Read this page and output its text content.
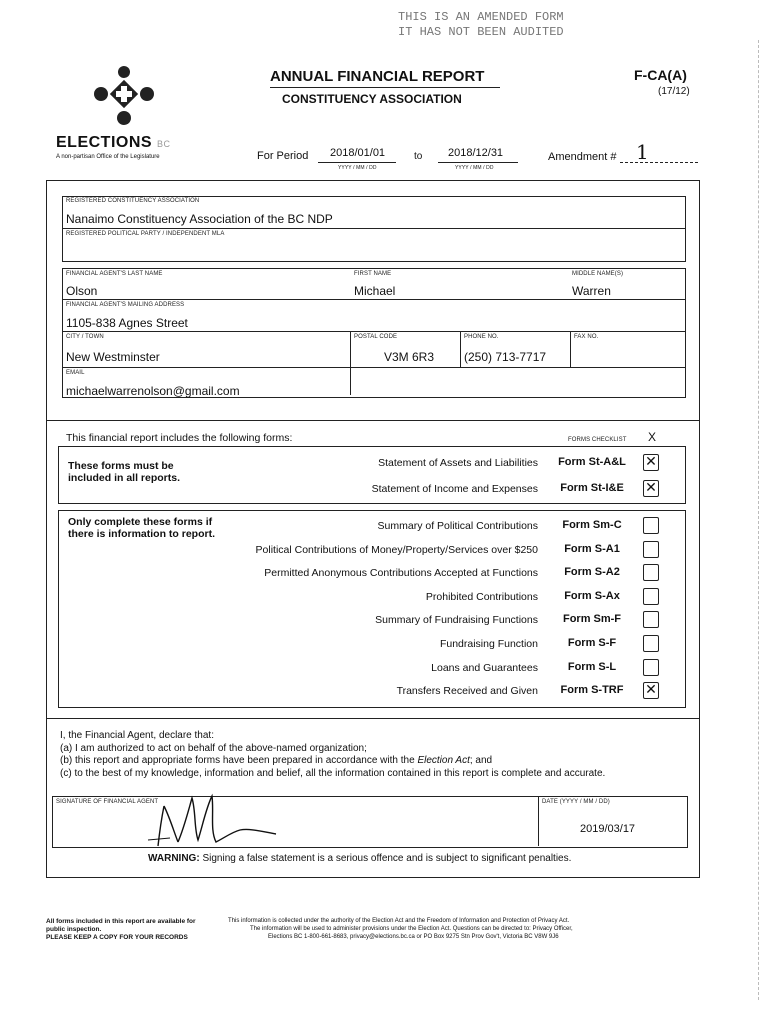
THIS IS AN AMENDED FORM
IT HAS NOT BEEN AUDITED
ELECTIONS BC
A non-partisan Office of the Legislature
ANNUAL FINANCIAL REPORT
CONSTITUENCY ASSOCIATION
F-CA(A)
(17/12)
For Period 2018/01/01
YYYY / MM / DD
to 2018/12/31
YYYY / MM / DD
Amendment # 1
REGISTERED CONSTITUENCY ASSOCIATION
Nanaimo Constituency Association of the BC NDP
REGISTERED POLITICAL PARTY / INDEPENDENT MLA
FINANCIAL AGENT'S LAST NAME
Olson
FIRST NAME
Michael
MIDDLE NAME(S)
Warren
FINANCIAL AGENT'S MAILING ADDRESS
1105-838 Agnes Street
CITY / TOWN
New Westminster
POSTAL CODE
V3M 6R3
PHONE NO.
(250) 713-7717
FAX NO.
EMAIL
michaelwarrenolson@gmail.com
This financial report includes the following forms:	FORMS CHECKLIST X
These forms must be included in all reports.
Statement of Assets and Liabilities Form St-A&L ✕
Statement of Income and Expenses	Form St-I&E	✕
Only complete these forms if there is information to report.
Summary of Political Contributions	Form Sm-C
Political Contributions of Money/Property/Services over $250	Form S-A1
Permitted Anonymous Contributions Accepted at Functions	Form S-A2
Prohibited Contributions	Form S-Ax
Summary of Fundraising Functions	Form Sm-F
Fundraising Function	Form S-F
Loans and Guarantees	Form S-L
Transfers Received and Given	Form S-TRF	✕
I, the Financial Agent, declare that:
(a) I am authorized to act on behalf of the above-named organization;
(b) this report and appropriate forms have been prepared in accordance with the Election Act; and
(c) to the best of my knowledge, information and belief, all the information contained in this report is complete and accurate.
SIGNATURE OF FINANCIAL AGENT	DATE (YYYY / MM / DD)
2019/03/17
WARNING: Signing a false statement is a serious offence and is subject to significant penalties.
All forms included in this report are available for public inspection.
PLEASE KEEP A COPY FOR YOUR RECORDS
This information is collected under the authority of the Election Act and the Freedom of Information and Protection of Privacy Act.
The information will be used to administer provisions under the Election Act. Questions can be directed to: Privacy Officer,
Elections BC 1-800-661-8683, privacy@elections.bc.ca or PO Box 9275 Stn Prov Gov't, Victoria BC V8W 9J6
